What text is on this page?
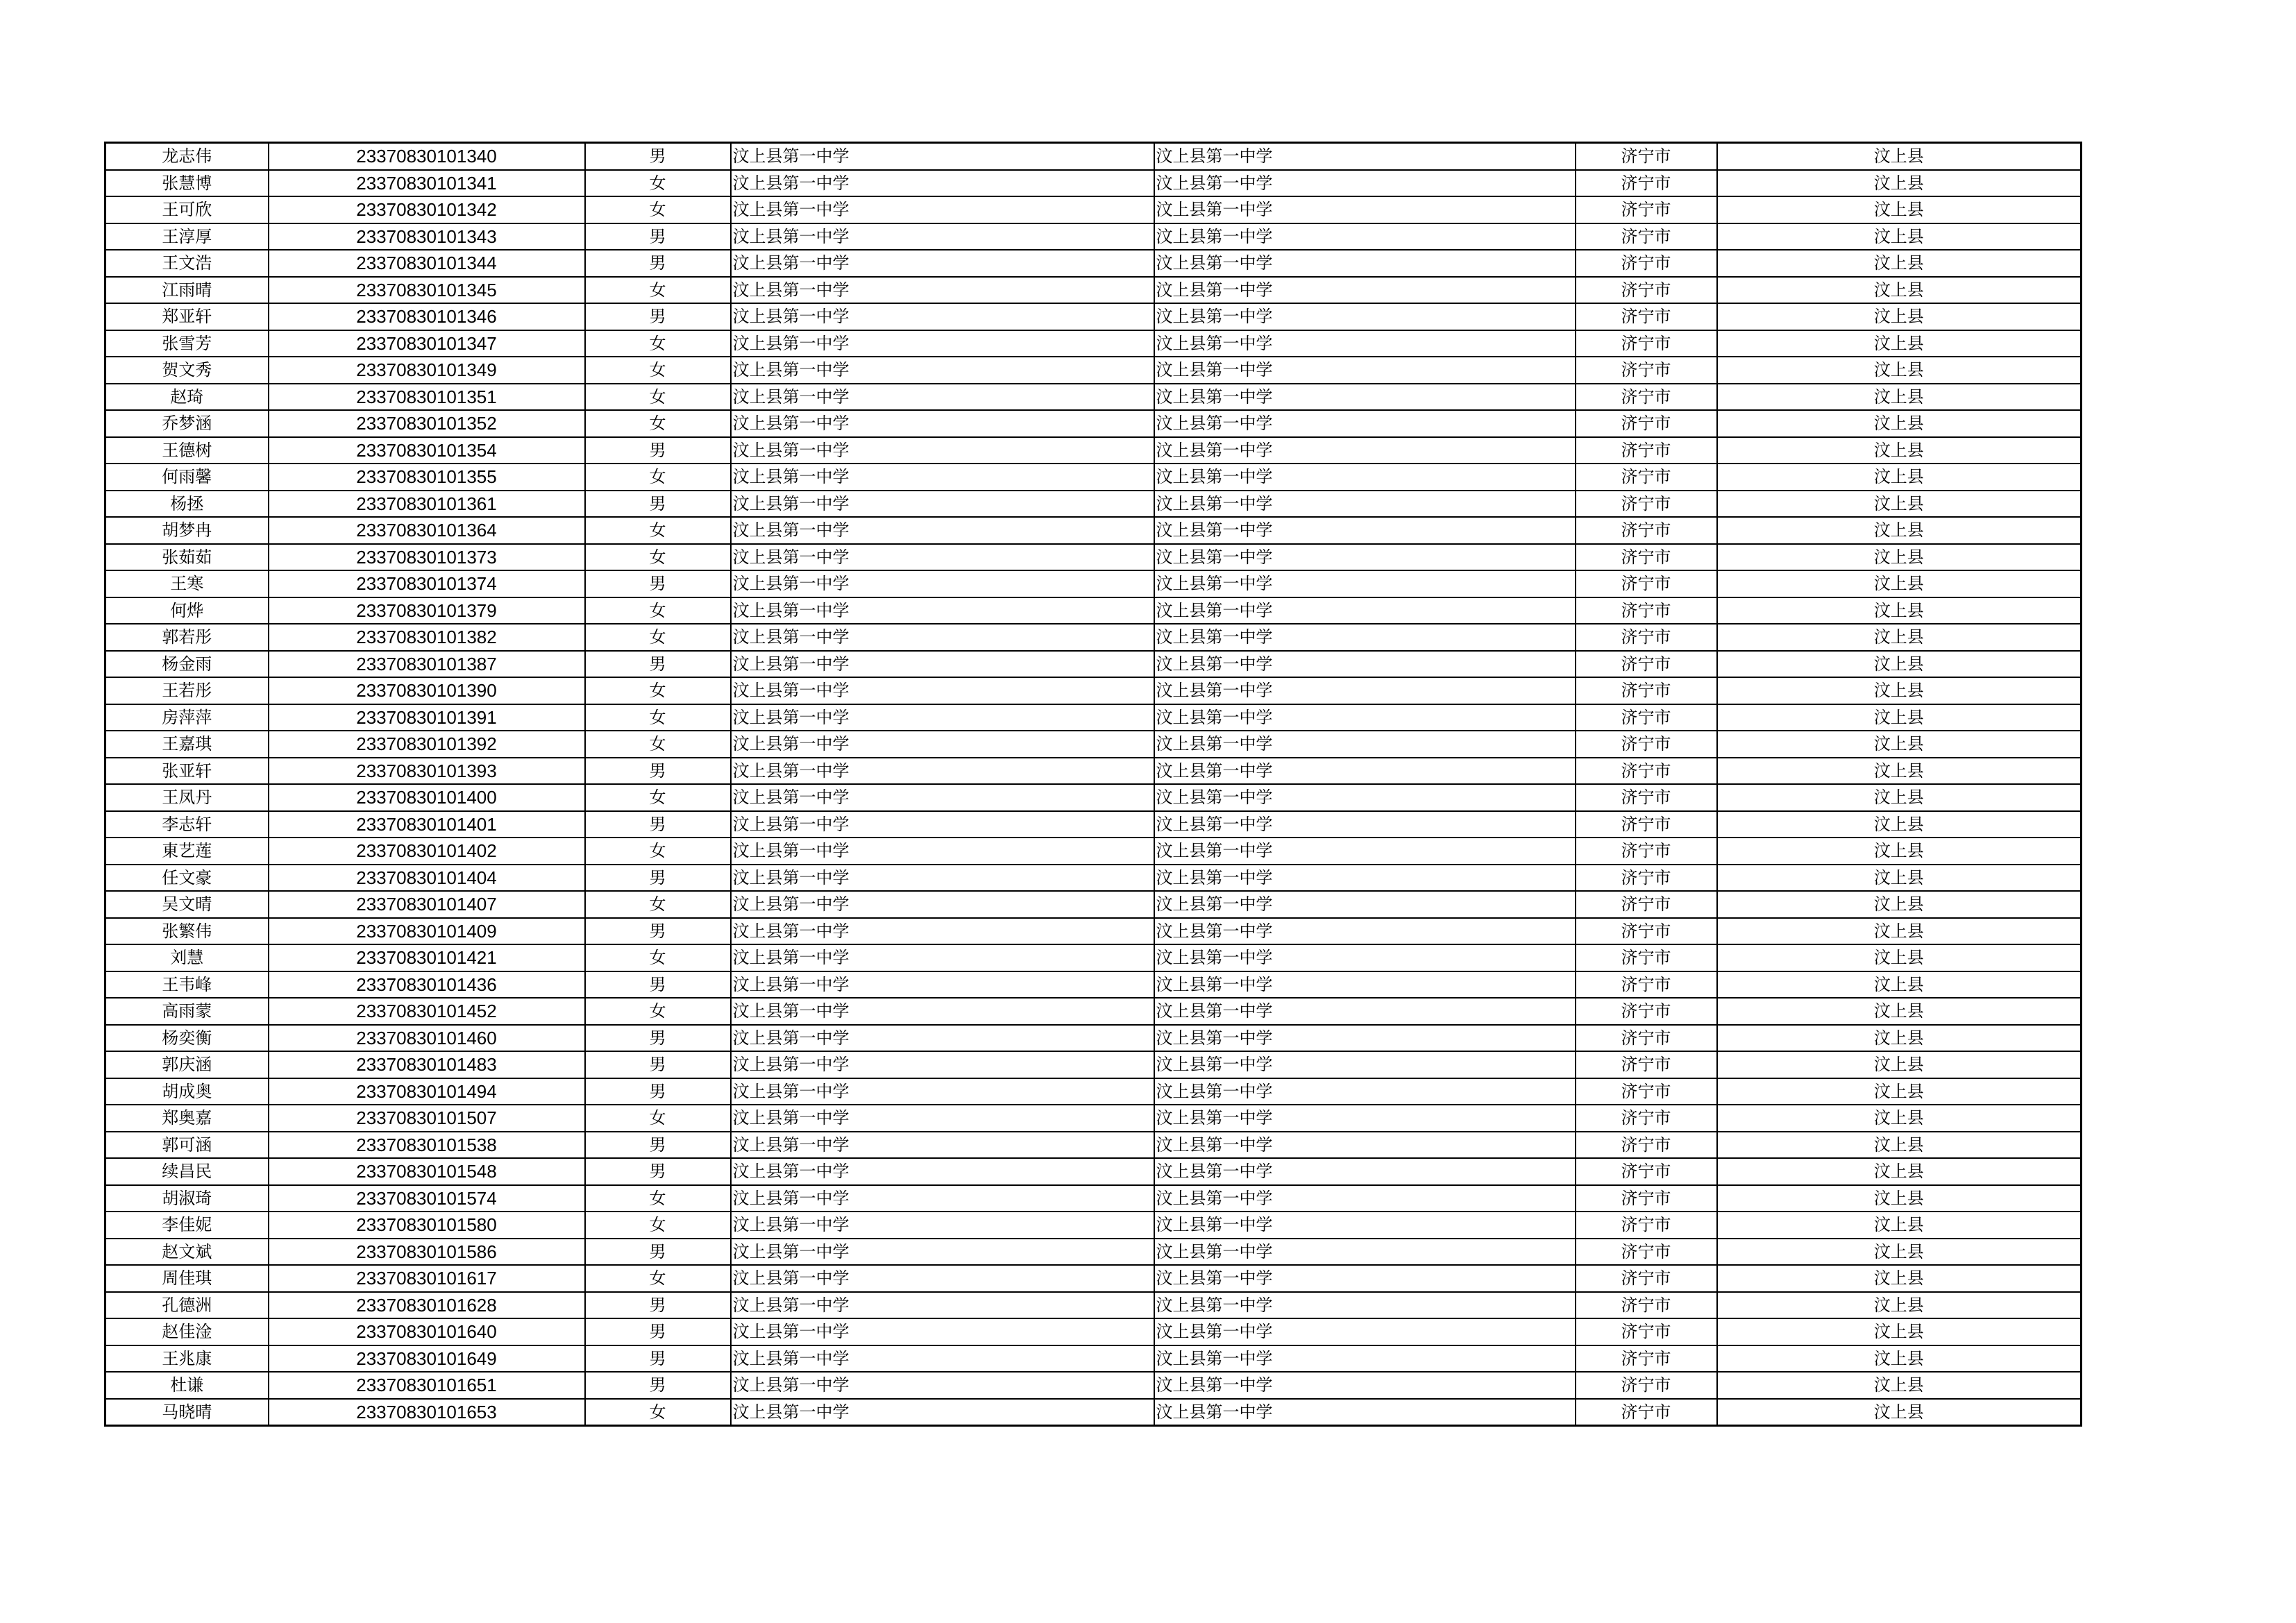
龙志伟	23370830101340	男	汶上县第一中学	汶上县第一中学	济宁市	汶上县
张慧博	23370830101341	女	汶上县第一中学	汶上县第一中学	济宁市	汶上县
王可欣	23370830101342	女	汶上县第一中学	汶上县第一中学	济宁市	汶上县
王淳厚	23370830101343	男	汶上县第一中学	汶上县第一中学	济宁市	汶上县
王文浩	23370830101344	男	汶上县第一中学	汶上县第一中学	济宁市	汶上县
江雨晴	23370830101345	女	汶上县第一中学	汶上县第一中学	济宁市	汶上县
郑亚轩	23370830101346	男	汶上县第一中学	汶上县第一中学	济宁市	汶上县
张雪芳	23370830101347	女	汶上县第一中学	汶上县第一中学	济宁市	汶上县
贺文秀	23370830101349	女	汶上县第一中学	汶上县第一中学	济宁市	汶上县
赵琦	23370830101351	女	汶上县第一中学	汶上县第一中学	济宁市	汶上县
乔梦涵	23370830101352	女	汶上县第一中学	汶上县第一中学	济宁市	汶上县
王德树	23370830101354	男	汶上县第一中学	汶上县第一中学	济宁市	汶上县
何雨馨	23370830101355	女	汶上县第一中学	汶上县第一中学	济宁市	汶上县
杨拯	23370830101361	男	汶上县第一中学	汶上县第一中学	济宁市	汶上县
胡梦冉	23370830101364	女	汶上县第一中学	汶上县第一中学	济宁市	汶上县
张茹茹	23370830101373	女	汶上县第一中学	汶上县第一中学	济宁市	汶上县
王寒	23370830101374	男	汶上县第一中学	汶上县第一中学	济宁市	汶上县
何烨	23370830101379	女	汶上县第一中学	汶上县第一中学	济宁市	汶上县
郭若彤	23370830101382	女	汶上县第一中学	汶上县第一中学	济宁市	汶上县
杨金雨	23370830101387	男	汶上县第一中学	汶上县第一中学	济宁市	汶上县
王若彤	23370830101390	女	汶上县第一中学	汶上县第一中学	济宁市	汶上县
房萍萍	23370830101391	女	汶上县第一中学	汶上县第一中学	济宁市	汶上县
王嘉琪	23370830101392	女	汶上县第一中学	汶上县第一中学	济宁市	汶上县
张亚轩	23370830101393	男	汶上县第一中学	汶上县第一中学	济宁市	汶上县
王凤丹	23370830101400	女	汶上县第一中学	汶上县第一中学	济宁市	汶上县
李志轩	23370830101401	男	汶上县第一中学	汶上县第一中学	济宁市	汶上县
東艺莲	23370830101402	女	汶上县第一中学	汶上县第一中学	济宁市	汶上县
任文豪	23370830101404	男	汶上县第一中学	汶上县第一中学	济宁市	汶上县
吴文晴	23370830101407	女	汶上县第一中学	汶上县第一中学	济宁市	汶上县
张繁伟	23370830101409	男	汶上县第一中学	汶上县第一中学	济宁市	汶上县
刘慧	23370830101421	女	汶上县第一中学	汶上县第一中学	济宁市	汶上县
王韦峰	23370830101436	男	汶上县第一中学	汶上县第一中学	济宁市	汶上县
高雨蒙	23370830101452	女	汶上县第一中学	汶上县第一中学	济宁市	汶上县
杨奕衡	23370830101460	男	汶上县第一中学	汶上县第一中学	济宁市	汶上县
郭庆涵	23370830101483	男	汶上县第一中学	汶上县第一中学	济宁市	汶上县
胡成奥	23370830101494	男	汶上县第一中学	汶上县第一中学	济宁市	汶上县
郑奥嘉	23370830101507	女	汶上县第一中学	汶上县第一中学	济宁市	汶上县
郭可涵	23370830101538	男	汶上县第一中学	汶上县第一中学	济宁市	汶上县
续昌民	23370830101548	男	汶上县第一中学	汶上县第一中学	济宁市	汶上县
胡淑琦	23370830101574	女	汶上县第一中学	汶上县第一中学	济宁市	汶上县
李佳妮	23370830101580	女	汶上县第一中学	汶上县第一中学	济宁市	汶上县
赵文斌	23370830101586	男	汶上县第一中学	汶上县第一中学	济宁市	汶上县
周佳琪	23370830101617	女	汶上县第一中学	汶上县第一中学	济宁市	汶上县
孔德洲	23370830101628	男	汶上县第一中学	汶上县第一中学	济宁市	汶上县
赵佳淦	23370830101640	男	汶上县第一中学	汶上县第一中学	济宁市	汶上县
王兆康	23370830101649	男	汶上县第一中学	汶上县第一中学	济宁市	汶上县
杜谦	23370830101651	男	汶上县第一中学	汶上县第一中学	济宁市	汶上县
马晓晴	23370830101653	女	汶上县第一中学	汶上县第一中学	济宁市	汶上县
